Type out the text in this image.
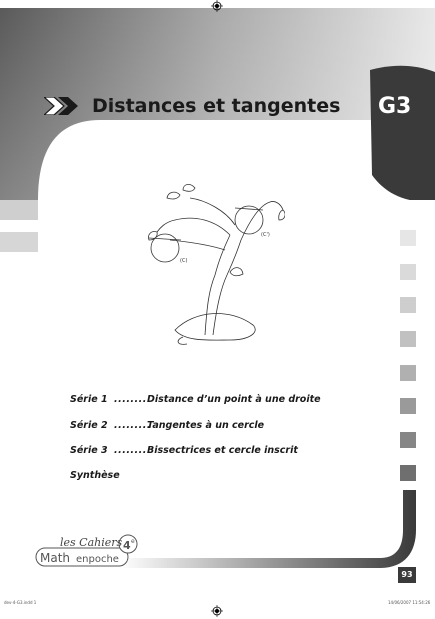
Distances et tangentes G3
(C')
(C)
Série 1 .........Distance d’un point à une droite
Série 2 .........Tangentes à un cercle
Série 3 .........Bissectrices et cercle inscrit
Synthèse
les Cahiers
Math enpoche
4 e
93
dev-4-G3.indd 1	14/06/2007 11:54:26
